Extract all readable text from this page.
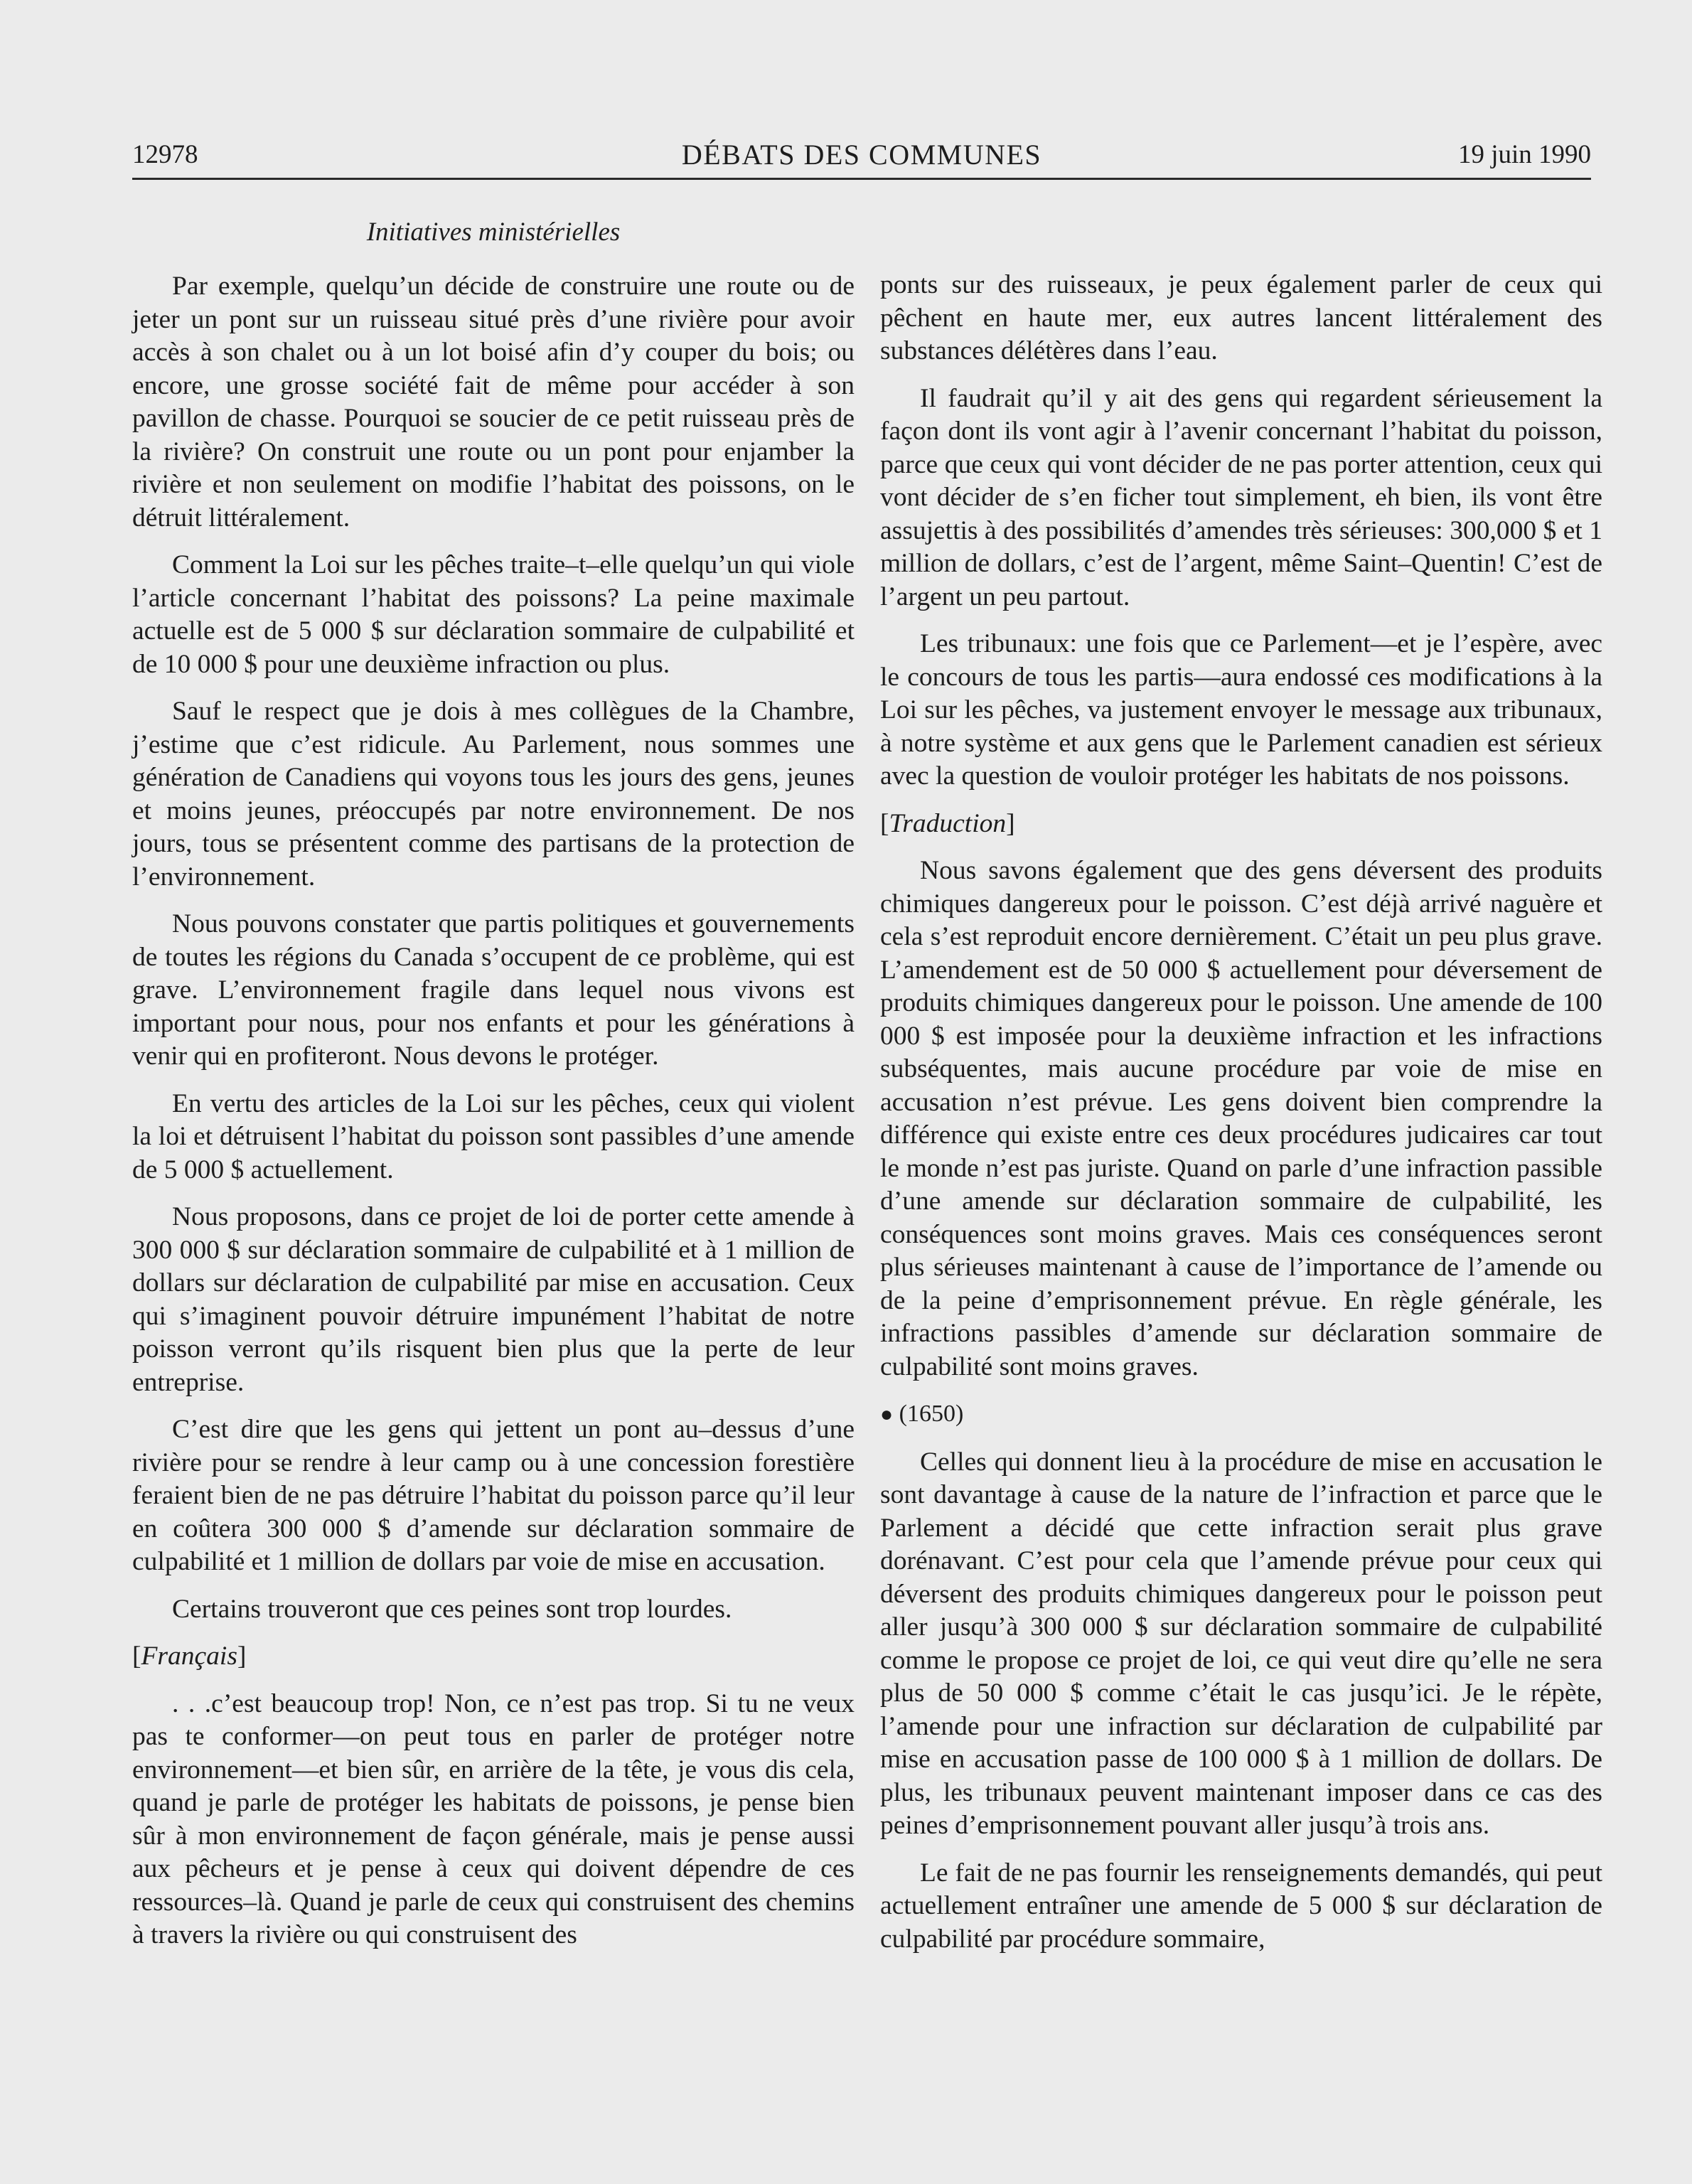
12978	DÉBATS DES COMMUNES	19 juin 1990
Initiatives ministérielles

Par exemple, quelqu’un décide de construire une route ou de jeter un pont sur un ruisseau situé près d’une rivière pour avoir accès à son chalet ou à un lot boisé afin d’y couper du bois; ou encore, une grosse société fait de même pour accéder à son pavillon de chasse. Pourquoi se soucier de ce petit ruisseau près de la rivière? On construit une route ou un pont pour enjamber la rivière et non seulement on modifie l’habitat des poissons, on le détruit littéralement.

Comment la Loi sur les pêches traite–t–elle quelqu’un qui viole l’article concernant l’habitat des poissons? La peine maximale actuelle est de 5 000 $ sur déclaration sommaire de culpabilité et de 10 000 $ pour une deuxième infraction ou plus.

Sauf le respect que je dois à mes collègues de la Chambre, j’estime que c’est ridicule. Au Parlement, nous sommes une génération de Canadiens qui voyons tous les jours des gens, jeunes et moins jeunes, préoccupés par notre environnement. De nos jours, tous se présentent comme des partisans de la protection de l’environnement.

Nous pouvons constater que partis politiques et gouvernements de toutes les régions du Canada s’occupent de ce problème, qui est grave. L’environnement fragile dans lequel nous vivons est important pour nous, pour nos enfants et pour les générations à venir qui en profiteront. Nous devons le protéger.

En vertu des articles de la Loi sur les pêches, ceux qui violent la loi et détruisent l’habitat du poisson sont passibles d’une amende de 5 000 $ actuellement.

Nous proposons, dans ce projet de loi de porter cette amende à 300 000 $ sur déclaration sommaire de culpabilité et à 1 million de dollars sur déclaration de culpabilité par mise en accusation. Ceux qui s’imaginent pouvoir détruire impunément l’habitat de notre poisson verront qu’ils risquent bien plus que la perte de leur entreprise.

C’est dire que les gens qui jettent un pont au–dessus d’une rivière pour se rendre à leur camp ou à une concession forestière feraient bien de ne pas détruire l’habitat du poisson parce qu’il leur en coûtera 300 000 $ d’amende sur déclaration sommaire de culpabilité et 1 million de dollars par voie de mise en accusation.

Certains trouveront que ces peines sont trop lourdes.

[Français]

. . .c’est beaucoup trop! Non, ce n’est pas trop. Si tu ne veux pas te conformer—on peut tous en parler de protéger notre environnement—et bien sûr, en arrière de la tête, je vous dis cela, quand je parle de protéger les habitats de poissons, je pense bien sûr à mon environnement de façon générale, mais je pense aussi aux pêcheurs et je pense à ceux qui doivent dépendre de ces ressources–là. Quand je parle de ceux qui construisent des chemins à travers la rivière ou qui construisent des

ponts sur des ruisseaux, je peux également parler de ceux qui pêchent en haute mer, eux autres lancent littéralement des substances délétères dans l’eau.

Il faudrait qu’il y ait des gens qui regardent sérieusement la façon dont ils vont agir à l’avenir concernant l’habitat du poisson, parce que ceux qui vont décider de ne pas porter attention, ceux qui vont décider de s’en ficher tout simplement, eh bien, ils vont être assujettis à des possibilités d’amendes très sérieuses: 300,000 $ et 1 million de dollars, c’est de l’argent, même Saint–Quentin! C’est de l’argent un peu partout.

Les tribunaux: une fois que ce Parlement—et je l’espère, avec le concours de tous les partis—aura endossé ces modifications à la Loi sur les pêches, va justement envoyer le message aux tribunaux, à notre système et aux gens que le Parlement canadien est sérieux avec la question de vouloir protéger les habitats de nos poissons.

[Traduction]

Nous savons également que des gens déversent des produits chimiques dangereux pour le poisson. C’est déjà arrivé naguère et cela s’est reproduit encore dernièrement. C’était un peu plus grave. L’amendement est de 50 000 $ actuellement pour déversement de produits chimiques dangereux pour le poisson. Une amende de 100 000 $ est imposée pour la deuxième infraction et les infractions subséquentes, mais aucune procédure par voie de mise en accusation n’est prévue. Les gens doivent bien comprendre la différence qui existe entre ces deux procédures judicaires car tout le monde n’est pas juriste. Quand on parle d’une infraction passible d’une amende sur déclaration sommaire de culpabilité, les conséquences sont moins graves. Mais ces conséquences seront plus sérieuses maintenant à cause de l’importance de l’amende ou de la peine d’emprisonnement prévue. En règle générale, les infractions passibles d’amende sur déclaration sommaire de culpabilité sont moins graves.

● (1650)

Celles qui donnent lieu à la procédure de mise en accusation le sont davantage à cause de la nature de l’infraction et parce que le Parlement a décidé que cette infraction serait plus grave dorénavant. C’est pour cela que l’amende prévue pour ceux qui déversent des produits chimiques dangereux pour le poisson peut aller jusqu’à 300 000 $ sur déclaration sommaire de culpabilité comme le propose ce projet de loi, ce qui veut dire qu’elle ne sera plus de 50 000 $ comme c’était le cas jusqu’ici. Je le répète, l’amende pour une infraction sur déclaration de culpabilité par mise en accusation passe de 100 000 $ à 1 million de dollars. De plus, les tribunaux peuvent maintenant imposer dans ce cas des peines d’emprisonnement pouvant aller jusqu’à trois ans.

Le fait de ne pas fournir les renseignements demandés, qui peut actuellement entraîner une amende de 5 000 $ sur déclaration de culpabilité par procédure sommaire,
